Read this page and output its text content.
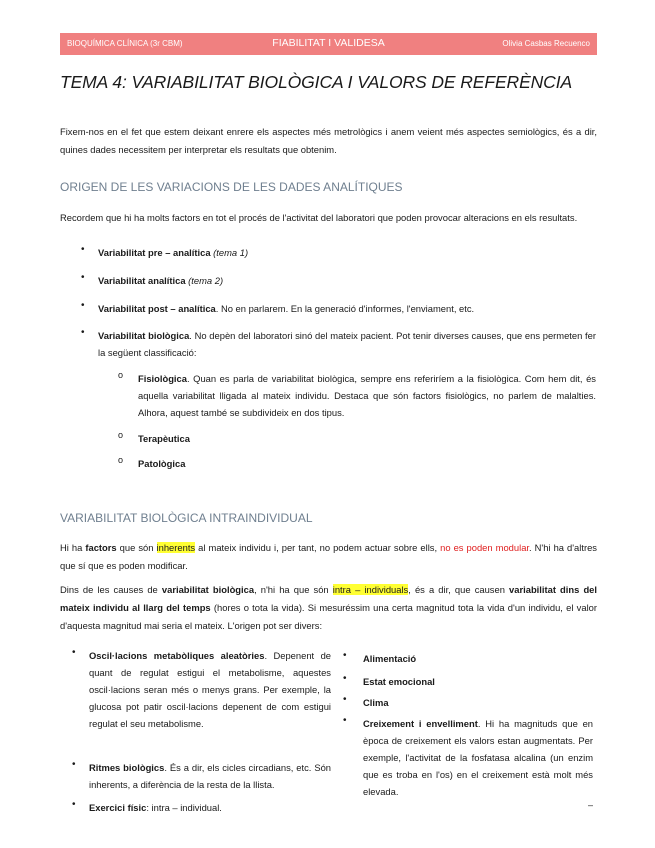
BIOQUÍMICA CLÍNICA (3r CBM)	FIABILITAT I VALIDESA	Olivia Casbas Recuenco
TEMA 4: VARIABILITAT BIOLÒGICA I VALORS DE REFERÈNCIA
Fixem-nos en el fet que estem deixant enrere els aspectes més metrològics i anem veient més aspectes semiològics, és a dir, quines dades necessitem per interpretar els resultats que obtenim.
ORIGEN DE LES VARIACIONS DE LES DADES ANALÍTIQUES
Recordem que hi ha molts factors en tot el procés de l'activitat del laboratori que poden provocar alteracions en els resultats.
• Variabilitat pre – analítica (tema 1)
• Variabilitat analítica (tema 2)
• Variabilitat post – analítica. No en parlarem. En la generació d'informes, l'enviament, etc.
• Variabilitat biològica. No depèn del laboratori sinó del mateix pacient. Pot tenir diverses causes, que ens permeten fer la següent classificació:
o Fisiològica. Quan es parla de variabilitat biològica, sempre ens referiríem a la fisiològica. Com hem dit, és aquella variabilitat lligada al mateix individu. Destaca que són factors fisiològics, no parlem de malalties. Alhora, aquest també se subdivideix en dos tipus.
o Terapèutica
o Patològica
VARIABILITAT BIOLÒGICA INTRAINDIVIDUAL
Hi ha factors que són inherents al mateix individu i, per tant, no podem actuar sobre ells, no es poden modular. N'hi ha d'altres que sí que es poden modificar.
Dins de les causes de variabilitat biològica, n'hi ha que són intra – individuals, és a dir, que causen variabilitat dins del mateix individu al llarg del temps (hores o tota la vida). Si mesuréssim una certa magnitud tota la vida d'un individu, el valor d'aquesta magnitud mai seria el mateix. L'origen pot ser divers:
• Oscil·lacions metabòliques aleatòries. Depenent de quant de regulat estigui el metabolisme, aquestes oscil·lacions seran més o menys grans. Per exemple, la glucosa pot patir oscil·lacions depenent de com estigui regulat el seu metabolisme.
• Ritmes biològics. És a dir, els cicles circadians, etc. Són inherents, a diferència de la resta de la llista.
• Exercici físic: intra – individual.
• Alimentació
• Estat emocional
• Clima
• Creixement i envelliment. Hi ha magnituds que en època de creixement els valors estan augmentats. Per exemple, l'activitat de la fosfatasa alcalina (un enzim que es troba en l'os) en el creixement està molt més elevada.
–
